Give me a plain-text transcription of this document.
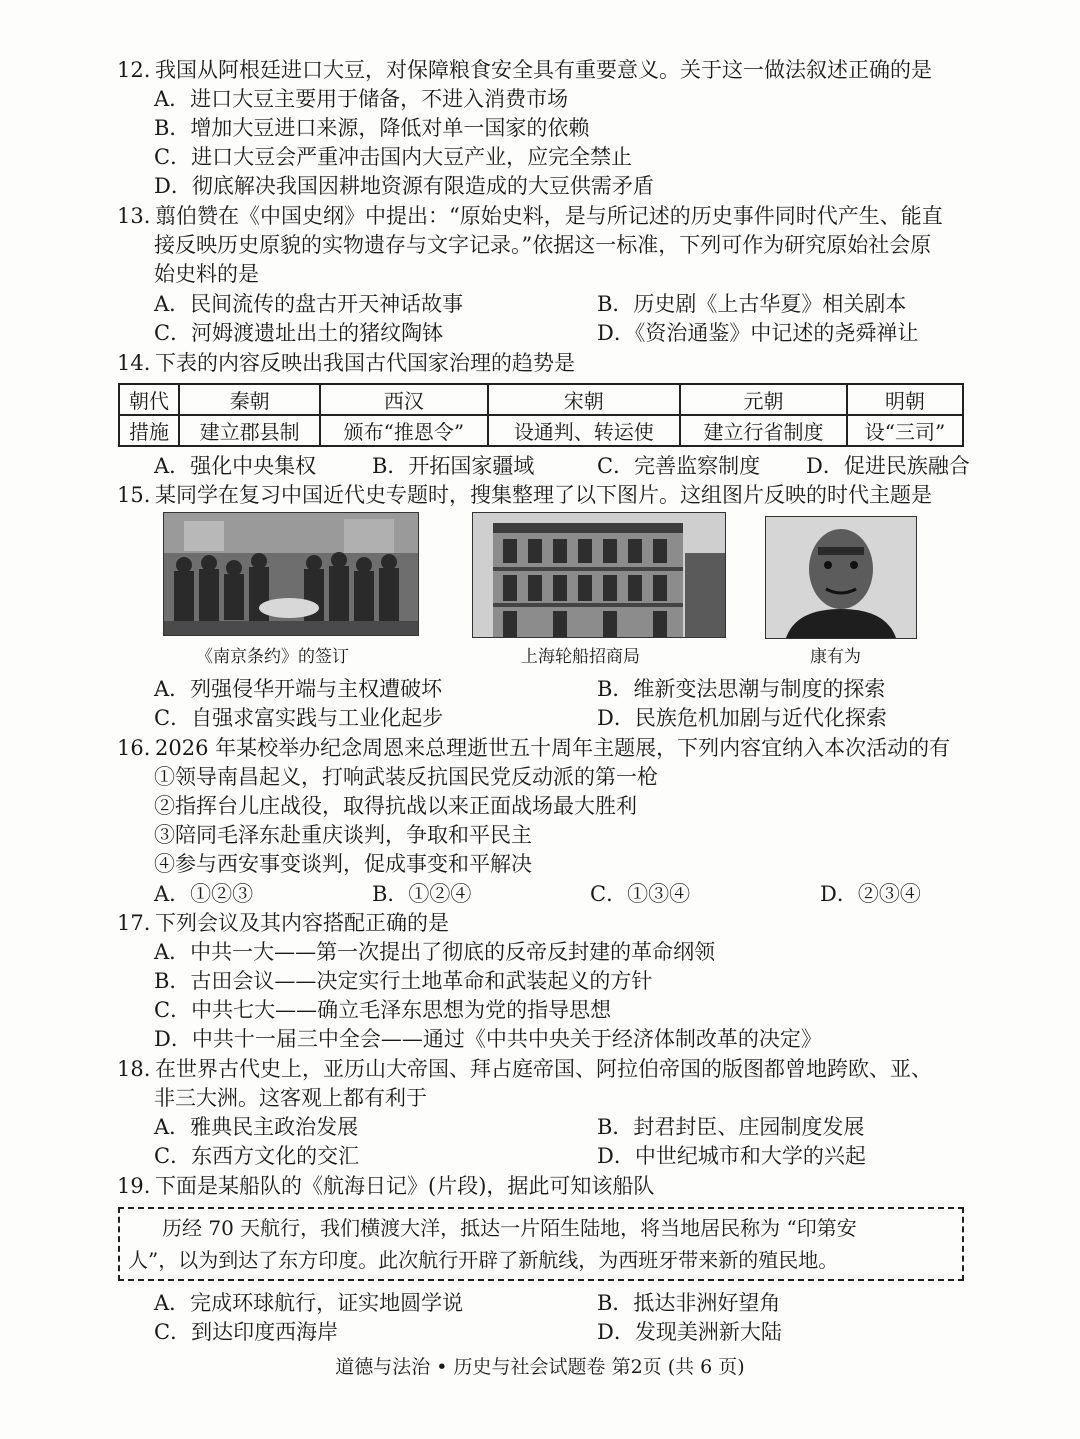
12. 我国从阿根廷进口大豆，对保障粮食安全具有重要意义。关于这一做法叙述正确的是
A．进口大豆主要用于储备，不进入消费市场
B．增加大豆进口来源，降低对单一国家的依赖
C．进口大豆会严重冲击国内大豆产业，应完全禁止
D．彻底解决我国因耕地资源有限造成的大豆供需矛盾
13. 翦伯赞在《中国史纲》中提出：“原始史料，是与所记述的历史事件同时代产生、能直
接反映历史原貌的实物遗存与文字记录。”依据这一标准，下列可作为研究原始社会原
始史料的是
A．民间流传的盘古开天神话故事	B．历史剧《上古华夏》相关剧本
C．河姆渡遗址出土的猪纹陶钵	D．《资治通鉴》中记述的尧舜禅让
14. 下表的内容反映出我国古代国家治理的趋势是
朝代	秦朝	西汉	宋朝	元朝	明朝
措施	建立郡县制	颁布“推恩令”	设通判、转运使	建立行省制度	设“三司”
A．强化中央集权	B．开拓国家疆域	C．完善监察制度 D．促进民族融合
15. 某同学在复习中国近代史专题时，搜集整理了以下图片。这组图片反映的时代主题是
《南京条约》的签订	上海轮船招商局	康有为
A．列强侵华开端与主权遭破坏	B．维新变法思潮与制度的探索
C．自强求富实践与工业化起步	D．民族危机加剧与近代化探索
16. 2026 年某校举办纪念周恩来总理逝世五十周年主题展，下列内容宜纳入本次活动的有
①领导南昌起义，打响武装反抗国民党反动派的第一枪
②指挥台儿庄战役，取得抗战以来正面战场最大胜利
③陪同毛泽东赴重庆谈判，争取和平民主
④参与西安事变谈判，促成事变和平解决
A．①②③	B．①②④	C．①③④	D．②③④
17. 下列会议及其内容搭配正确的是
A．中共一大——第一次提出了彻底的反帝反封建的革命纲领
B．古田会议——决定实行土地革命和武装起义的方针
C．中共七大——确立毛泽东思想为党的指导思想
D．中共十一届三中全会——通过《中共中央关于经济体制改革的决定》
18. 在世界古代史上，亚历山大帝国、拜占庭帝国、阿拉伯帝国的版图都曾地跨欧、亚、
非三大洲。这客观上都有利于
A．雅典民主政治发展	B．封君封臣、庄园制度发展
C．东西方文化的交汇	D．中世纪城市和大学的兴起
19. 下面是某船队的《航海日记》(片段)，据此可知该船队
历经 70 天航行，我们横渡大洋，抵达一片陌生陆地，将当地居民称为 “印第安
人”，以为到达了东方印度。此次航行开辟了新航线，为西班牙带来新的殖民地。
A．完成环球航行，证实地圆学说	B．抵达非洲好望角
C．到达印度西海岸	D．发现美洲新大陆
道德与法治 • 历史与社会试题卷 第2页 (共 6 页)
